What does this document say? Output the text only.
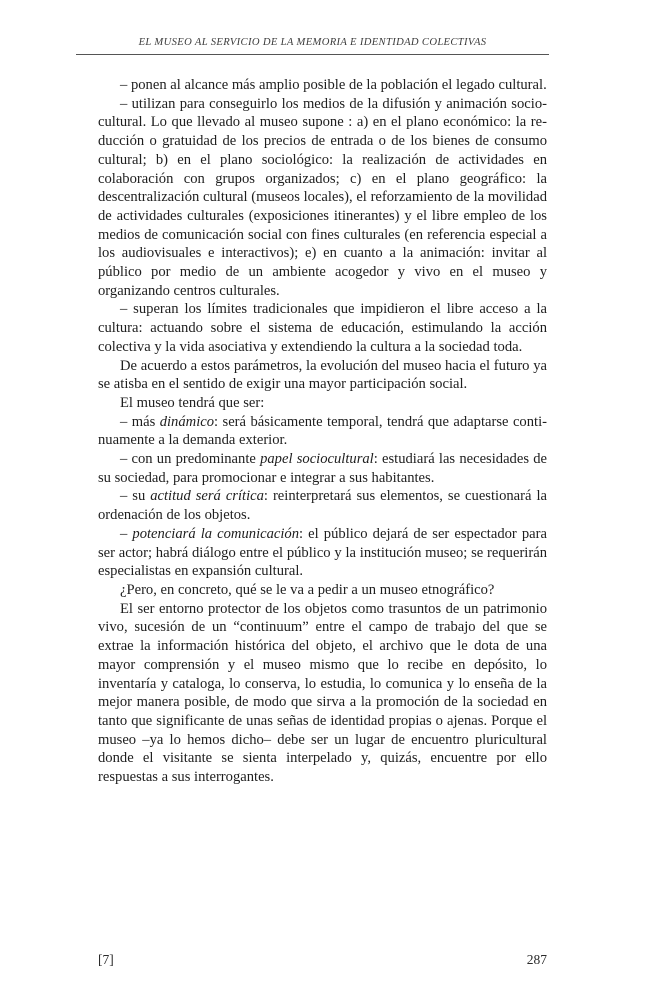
EL MUSEO AL SERVICIO DE LA MEMORIA E IDENTIDAD COLECTIVAS

– ponen al alcance más amplio posible de la población el legado cultural.

– utilizan para conseguirlo los medios de la difusión y animación sociocultural. Lo que llevado al museo supone : a) en el plano económico: la reducción o gratuidad de los precios de entrada o de los bienes de consumo cultural; b) en el plano sociológico: la realización de actividades en colaboración con grupos organizados; c) en el plano geográfico: la descentralización cultural (museos locales), el reforzamiento de la movilidad de actividades culturales (exposiciones itinerantes) y el libre empleo de los medios de comunicación social con fines culturales (en referencia especial a los audiovisuales e interactivos); e) en cuanto a la animación: invitar al público por medio de un ambiente acogedor y vivo en el museo y organizando centros culturales.

– superan los límites tradicionales que impidieron el libre acceso a la cultura: actuando sobre el sistema de educación, estimulando la acción colectiva y la vida asociativa y extendiendo la cultura a la sociedad toda.

De acuerdo a estos parámetros, la evolución del museo hacia el futuro ya se atisba en el sentido de exigir una mayor participación social.

El museo tendrá que ser:

– más dinámico: será básicamente temporal, tendrá que adaptarse continuamente a la demanda exterior.

– con un predominante papel sociocultural: estudiará las necesidades de su sociedad, para promocionar e integrar a sus habitantes.

– su actitud será crítica: reinterpretará sus elementos, se cuestionará la ordenación de los objetos.

– potenciará la comunicación: el público dejará de ser espectador para ser actor; habrá diálogo entre el público y la institución museo; se requerirán especialistas en expansión cultural.

¿Pero, en concreto, qué se le va a pedir a un museo etnográfico?

El ser entorno protector de los objetos como trasuntos de un patrimonio vivo, sucesión de un “continuum” entre el campo de trabajo del que se extrae la información histórica del objeto, el archivo que le dota de una mayor comprensión y el museo mismo que lo recibe en depósito, lo inventaría y cataloga, lo conserva, lo estudia, lo comunica y lo enseña de la mejor manera posible, de modo que sirva a la promoción de la sociedad en tanto que significante de unas señas de identidad propias o ajenas. Porque el museo –ya lo hemos dicho– debe ser un lugar de encuentro pluricultural donde el visitante se sienta interpelado y, quizás, encuentre por ello respuestas a sus interrogantes.

[7]	287
